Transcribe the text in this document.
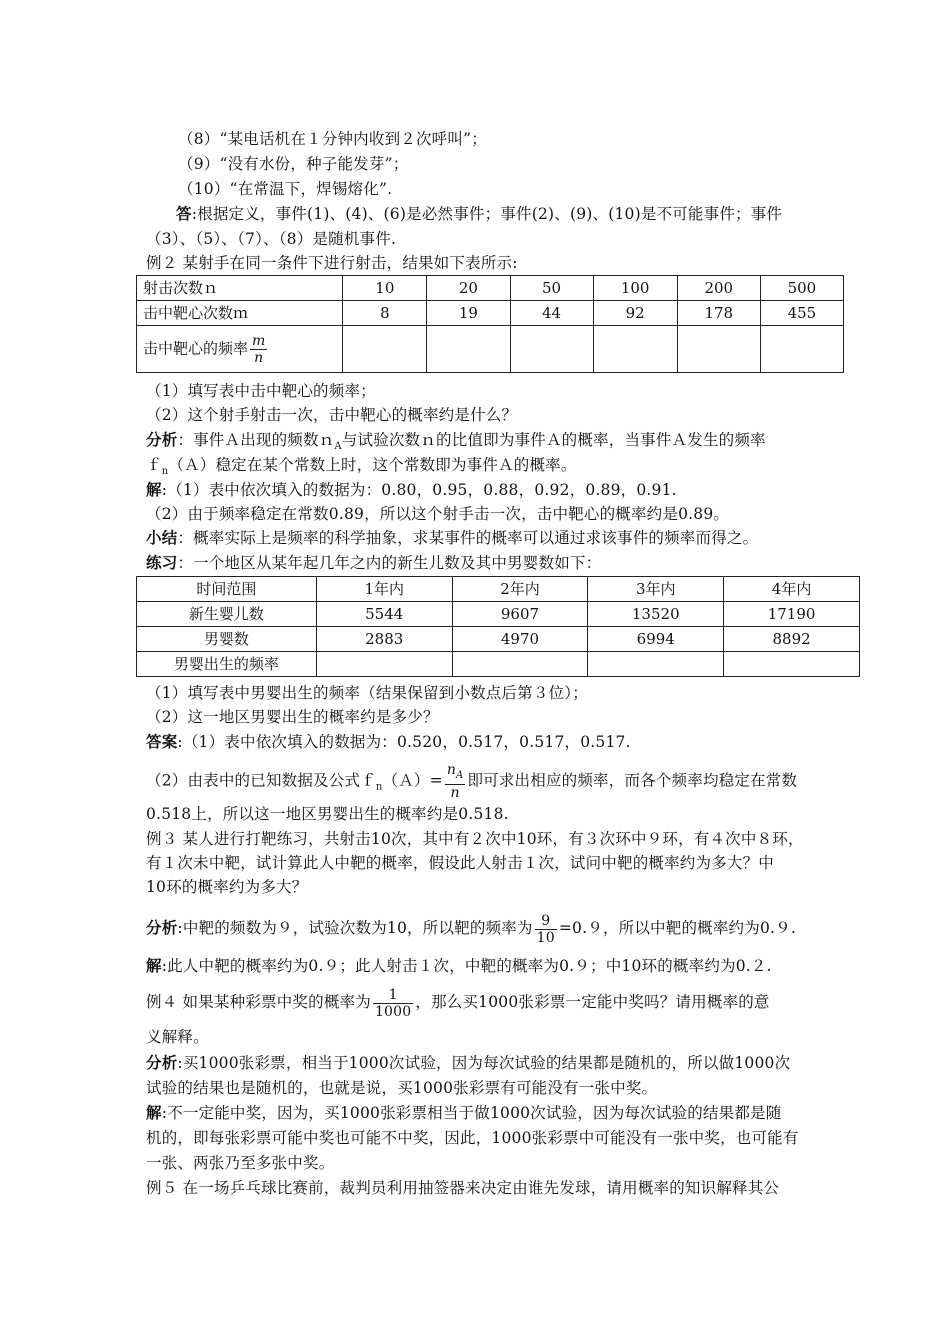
（8）“某电话机在１分钟内收到２次呼叫”；
（9）“没有水份，种子能发芽”；
（10）“在常温下，焊锡熔化”.
答:根据定义，事件(1)、(4)、(6)是必然事件；事件(2)、(9)、(10)是不可能事件；事件
（3）、（5）、（7）、（8）是随机事件.
例２ 某射手在同一条件下进行射击，结果如下表所示:
射击次数ｎ	10	20	50	100	200	500
击中靶心次数ｍ	8	19	44	92	178	455
击中靶心的频率 $\frac{m}{n}$

（1）填写表中击中靶心的频率；
（2）这个射手射击一次，击中靶心的概率约是什么？
分析：事件Ａ出现的频数ｎ$_A$与试验次数ｎ的比值即为事件Ａ的概率，当事件Ａ发生的频率
ｆ$_n$（Ａ）稳定在某个常数上时，这个常数即为事件Ａ的概率。
解:（1）表中依次填入的数据为：0.80，0.95，0.88，0.92，0.89，0.91.
（2）由于频率稳定在常数0.89，所以这个射手击一次，击中靶心的概率约是0.89。
小结：概率实际上是频率的科学抽象，求某事件的概率可以通过求该事件的频率而得之。
练习：一个地区从某年起几年之内的新生儿数及其中男婴数如下：
时间范围	1年内	2年内	3年内	4年内
新生婴儿数	5544	9607	13520	17190
男婴数	2883	4970	6994	8892
男婴出生的频率				
（1）填写表中男婴出生的频率（结果保留到小数点后第３位）；
（2）这一地区男婴出生的概率约是多少？
答案:（1）表中依次填入的数据为：0.520，0.517，0.517，0.517.
（2）由表中的已知数据及公式ｆ$_n$（Ａ）= $\frac{n_A}{n}$ 即可求出相应的频率，而各个频率均稳定在常数
0.518上，所以这一地区男婴出生的概率约是0.518.
例３ 某人进行打靶练习，共射击10次，其中有２次中10环，有３次环中９环，有４次中８环，
有１次未中靶，试计算此人中靶的概率，假设此人射击１次，试问中靶的概率约为多大？中
10环的概率约为多大？
分析:中靶的频数为９，试验次数为10，所以靶的频率为 $\frac{9}{10} =0.9$，所以中靶的概率约为0.９.
解:此人中靶的概率约为0.９；此人射击１次，中靶的概率为0.９；中10环的概率约为0.２.
例４ 如果某种彩票中奖的概率为 $\frac{1}{1000}$ ，那么买1000张彩票一定能中奖吗？请用概率的意
义解释。
分析:买1000张彩票，相当于1000次试验，因为每次试验的结果都是随机的，所以做1000次
试验的结果也是随机的，也就是说，买1000张彩票有可能没有一张中奖。
解:不一定能中奖，因为，买1000张彩票相当于做1000次试验，因为每次试验的结果都是随
机的，即每张彩票可能中奖也可能不中奖，因此，1000张彩票中可能没有一张中奖，也可能有
一张、两张乃至多张中奖。
例５ 在一场乒乓球比赛前，裁判员利用抽签器来决定由谁先发球，请用概率的知识解释其公
